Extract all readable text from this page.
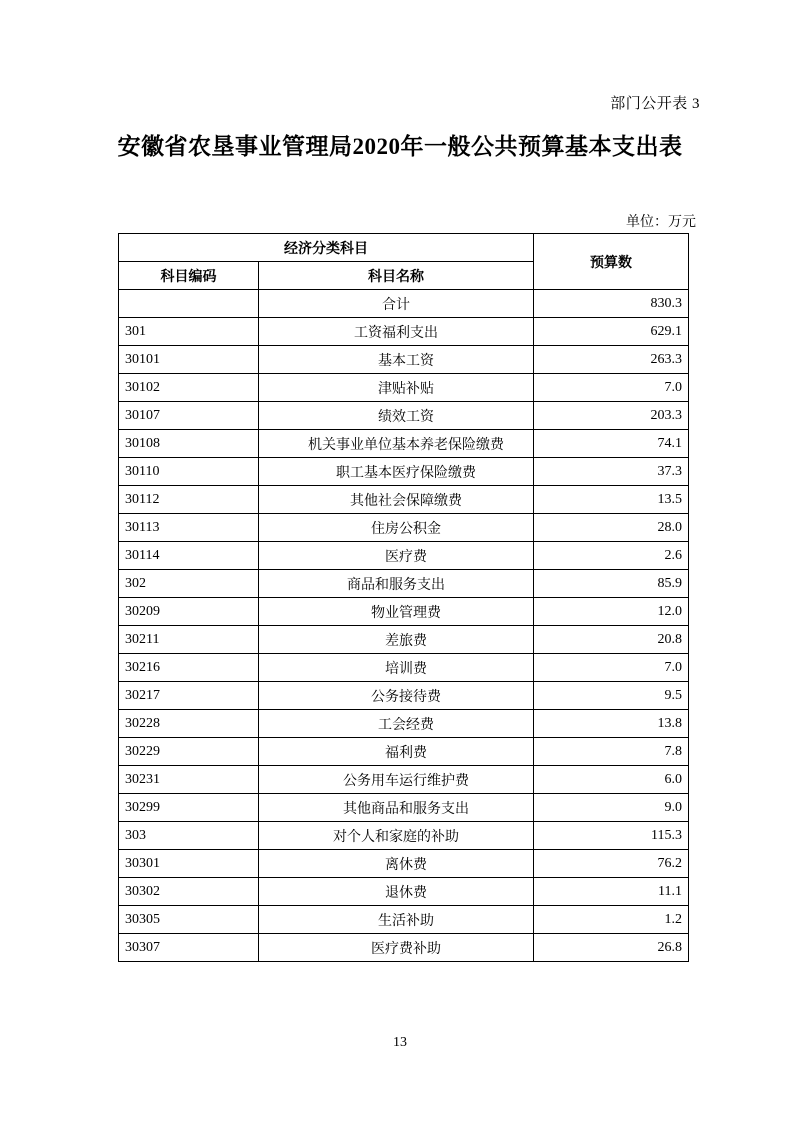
部门公开表 3
安徽省农垦事业管理局2020年一般公共预算基本支出表
单位：万元
经济分类科目		预算数
科目编码	科目名称	
	合计	830.3
301	工资福利支出	629.1
30101	基本工资	263.3
30102	津贴补贴	7.0
30107	绩效工资	203.3
30108	机关事业单位基本养老保险缴费	74.1
30110	职工基本医疗保险缴费	37.3
30112	其他社会保障缴费	13.5
30113	住房公积金	28.0
30114	医疗费	2.6
302	商品和服务支出	85.9
30209	物业管理费	12.0
30211	差旅费	20.8
30216	培训费	7.0
30217	公务接待费	9.5
30228	工会经费	13.8
30229	福利费	7.8
30231	公务用车运行维护费	6.0
30299	其他商品和服务支出	9.0
303	对个人和家庭的补助	115.3
30301	离休费	76.2
30302	退休费	11.1
30305	生活补助	1.2
30307	医疗费补助	26.8
13
